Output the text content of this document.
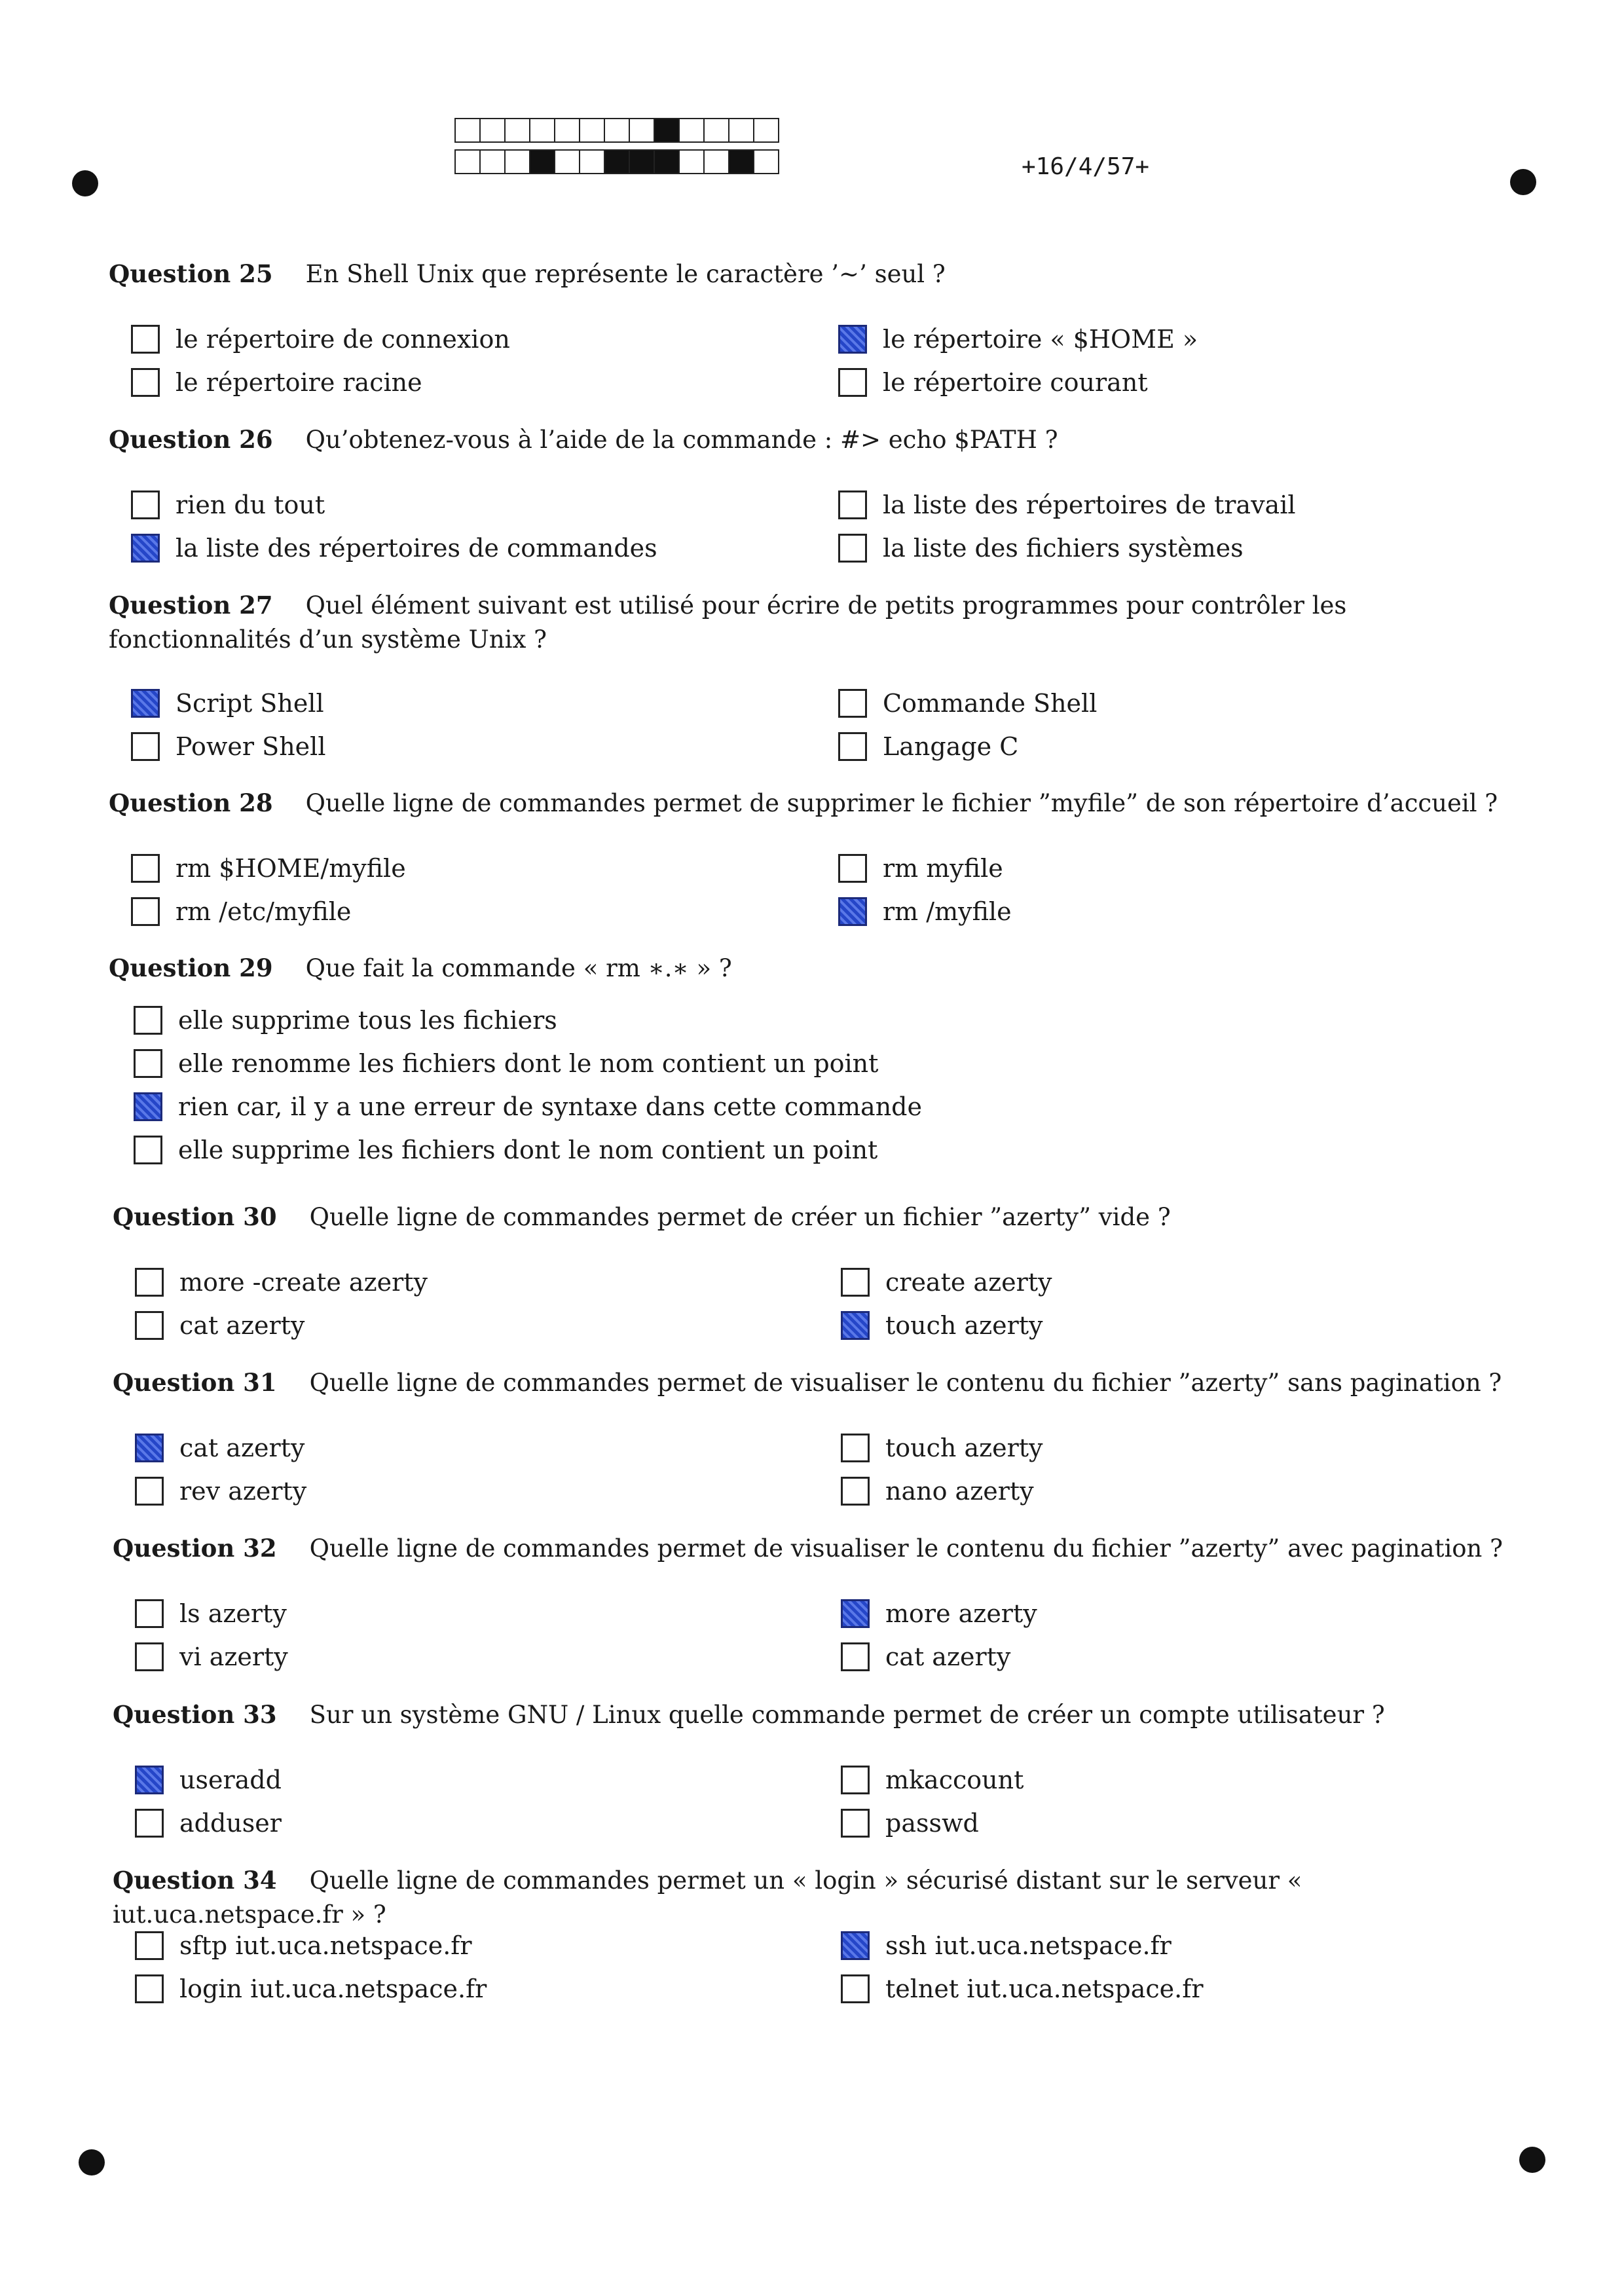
+16/4/57+
Question 25 En Shell Unix que représente le caractère ’∼’ seul ?
le répertoire de connexion	le répertoire « $HOME »
le répertoire racine	le répertoire courant
Question 26 Qu’obtenez-vous à l’aide de la commande : #> echo $PATH ?
rien du tout	la liste des répertoires de travail
la liste des répertoires de commandes	la liste des fichiers systèmes
Question 27 Quel élément suivant est utilisé pour écrire de petits programmes pour contrôler les fonctionnalités d’un système Unix ?
Script Shell	Commande Shell
Power Shell	Langage C
Question 28 Quelle ligne de commandes permet de supprimer le fichier ”myfile” de son répertoire d’accueil ?
rm $HOME/myfile	rm myfile
rm /etc/myfile	rm /myfile
Question 29 Que fait la commande « rm ∗.∗ » ?
elle supprime tous les fichiers
elle renomme les fichiers dont le nom contient un point
rien car, il y a une erreur de syntaxe dans cette commande
elle supprime les fichiers dont le nom contient un point
Question 30 Quelle ligne de commandes permet de créer un fichier ”azerty” vide ?
more -create azerty	create azerty
cat azerty	touch azerty
Question 31 Quelle ligne de commandes permet de visualiser le contenu du fichier ”azerty” sans pagination ?
cat azerty	touch azerty
rev azerty	nano azerty
Question 32 Quelle ligne de commandes permet de visualiser le contenu du fichier ”azerty” avec pagination ?
ls azerty	more azerty
vi azerty	cat azerty
Question 33 Sur un système GNU / Linux quelle commande permet de créer un compte utilisateur ?
useradd	mkaccount
adduser	passwd
Question 34 Quelle ligne de commandes permet un « login » sécurisé distant sur le serveur « iut.uca.netspace.fr » ?
sftp iut.uca.netspace.fr	ssh iut.uca.netspace.fr
login iut.uca.netspace.fr	telnet iut.uca.netspace.fr
